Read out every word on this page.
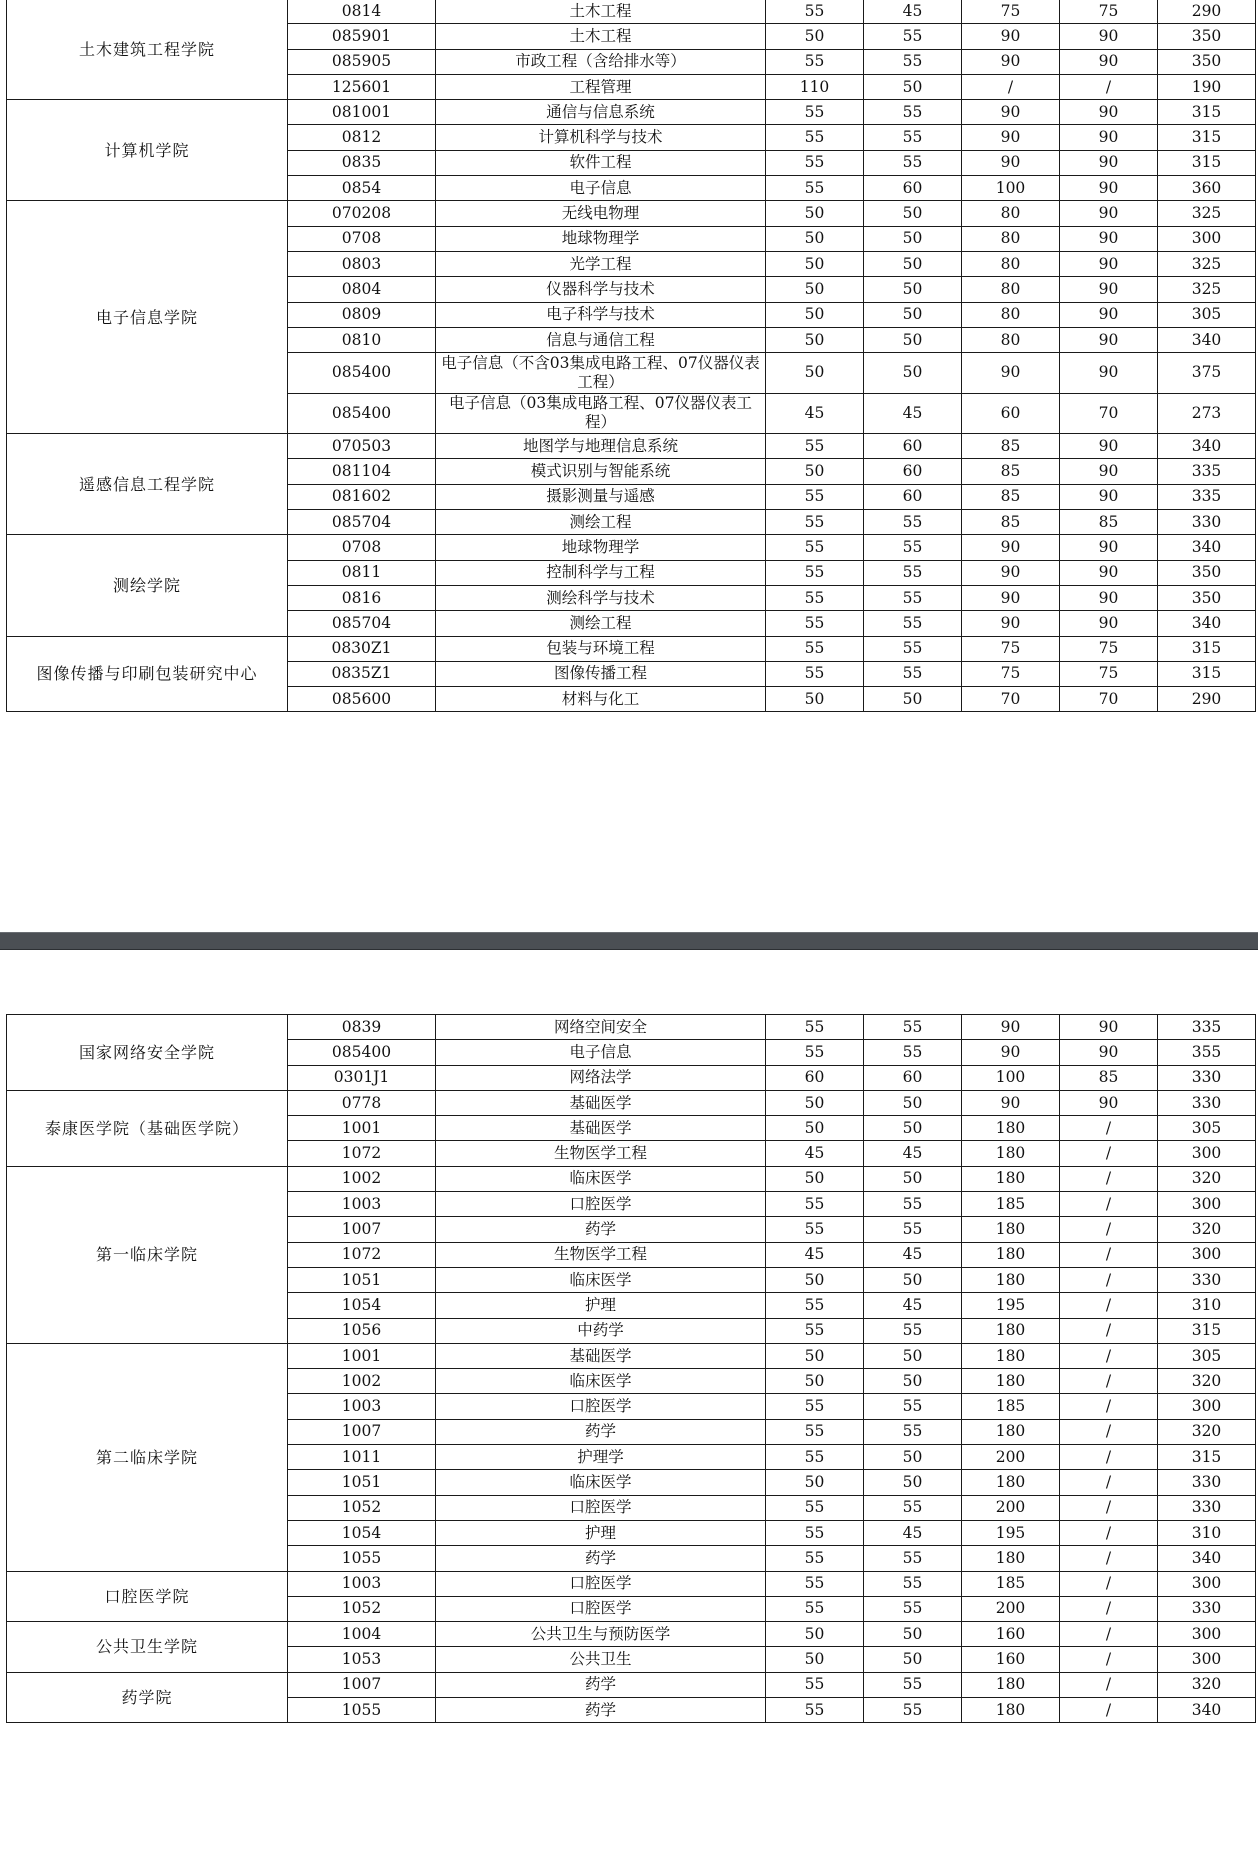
土木建筑工程学院	0814	土木工程	55	45	75	75	290
	085901	土木工程	50	55	90	90	350
	085905	市政工程（含给排水等）	55	55	90	90	350
	125601	工程管理	110	50	/	/	190
计算机学院	081001	通信与信息系统	55	55	90	90	315
	0812	计算机科学与技术	55	55	90	90	315
	0835	软件工程	55	55	90	90	315
	0854	电子信息	55	60	100	90	360
电子信息学院	070208	无线电物理	50	50	80	90	325
	0708	地球物理学	50	50	80	90	300
	0803	光学工程	50	50	80	90	325
	0804	仪器科学与技术	50	50	80	90	325
	0809	电子科学与技术	50	50	80	90	305
	0810	信息与通信工程	50	50	80	90	340
	085400	电子信息（不含03集成电路工程、07仪器仪表工程）	50	50	90	90	375
	085400	电子信息（03集成电路工程、07仪器仪表工程）	45	45	60	70	273
遥感信息工程学院	070503	地图学与地理信息系统	55	60	85	90	340
	081104	模式识别与智能系统	50	60	85	90	335
	081602	摄影测量与遥感	55	60	85	90	335
	085704	测绘工程	55	55	85	85	330
测绘学院	0708	地球物理学	55	55	90	90	340
	0811	控制科学与工程	55	55	90	90	350
	0816	测绘科学与技术	55	55	90	90	350
	085704	测绘工程	55	55	90	90	340
图像传播与印刷包装研究中心	0830Z1	包装与环境工程	55	55	75	75	315
	0835Z1	图像传播工程	55	55	75	75	315
	085600	材料与化工	50	50	70	70	290
国家网络安全学院	0839	网络空间安全	55	55	90	90	335
	085400	电子信息	55	55	90	90	355
	0301J1	网络法学	60	60	100	85	330
泰康医学院（基础医学院）	0778	基础医学	50	50	90	90	330
	1001	基础医学	50	50	180	/	305
	1072	生物医学工程	45	45	180	/	300
第一临床学院	1002	临床医学	50	50	180	/	320
	1003	口腔医学	55	55	185	/	300
	1007	药学	55	55	180	/	320
	1072	生物医学工程	45	45	180	/	300
	1051	临床医学	50	50	180	/	330
	1054	护理	55	45	195	/	310
	1056	中药学	55	55	180	/	315
第二临床学院	1001	基础医学	50	50	180	/	305
	1002	临床医学	50	50	180	/	320
	1003	口腔医学	55	55	185	/	300
	1007	药学	55	55	180	/	320
	1011	护理学	55	50	200	/	315
	1051	临床医学	50	50	180	/	330
	1052	口腔医学	55	55	200	/	330
	1054	护理	55	45	195	/	310
	1055	药学	55	55	180	/	340
口腔医学院	1003	口腔医学	55	55	185	/	300
	1052	口腔医学	55	55	200	/	330
公共卫生学院	1004	公共卫生与预防医学	50	50	160	/	300
	1053	公共卫生	50	50	160	/	300
药学院	1007	药学	55	55	180	/	320
	1055	药学	55	55	180	/	340
